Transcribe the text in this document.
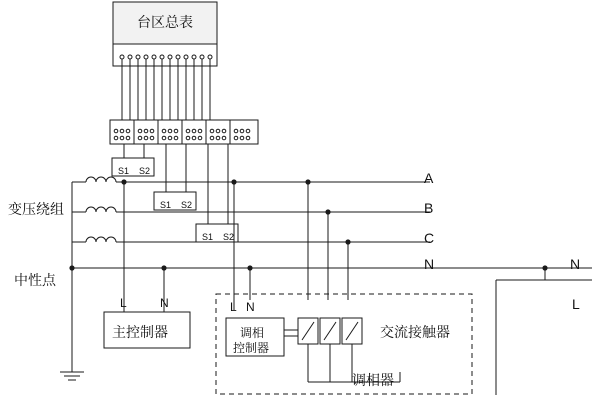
台区总表
S1 S2
S1 S2
S1 S2
变压绕组
中性点
A
B
C
N	N
L
L	N	L N
主控制器	调相
控制器
交流接触器
调相器
